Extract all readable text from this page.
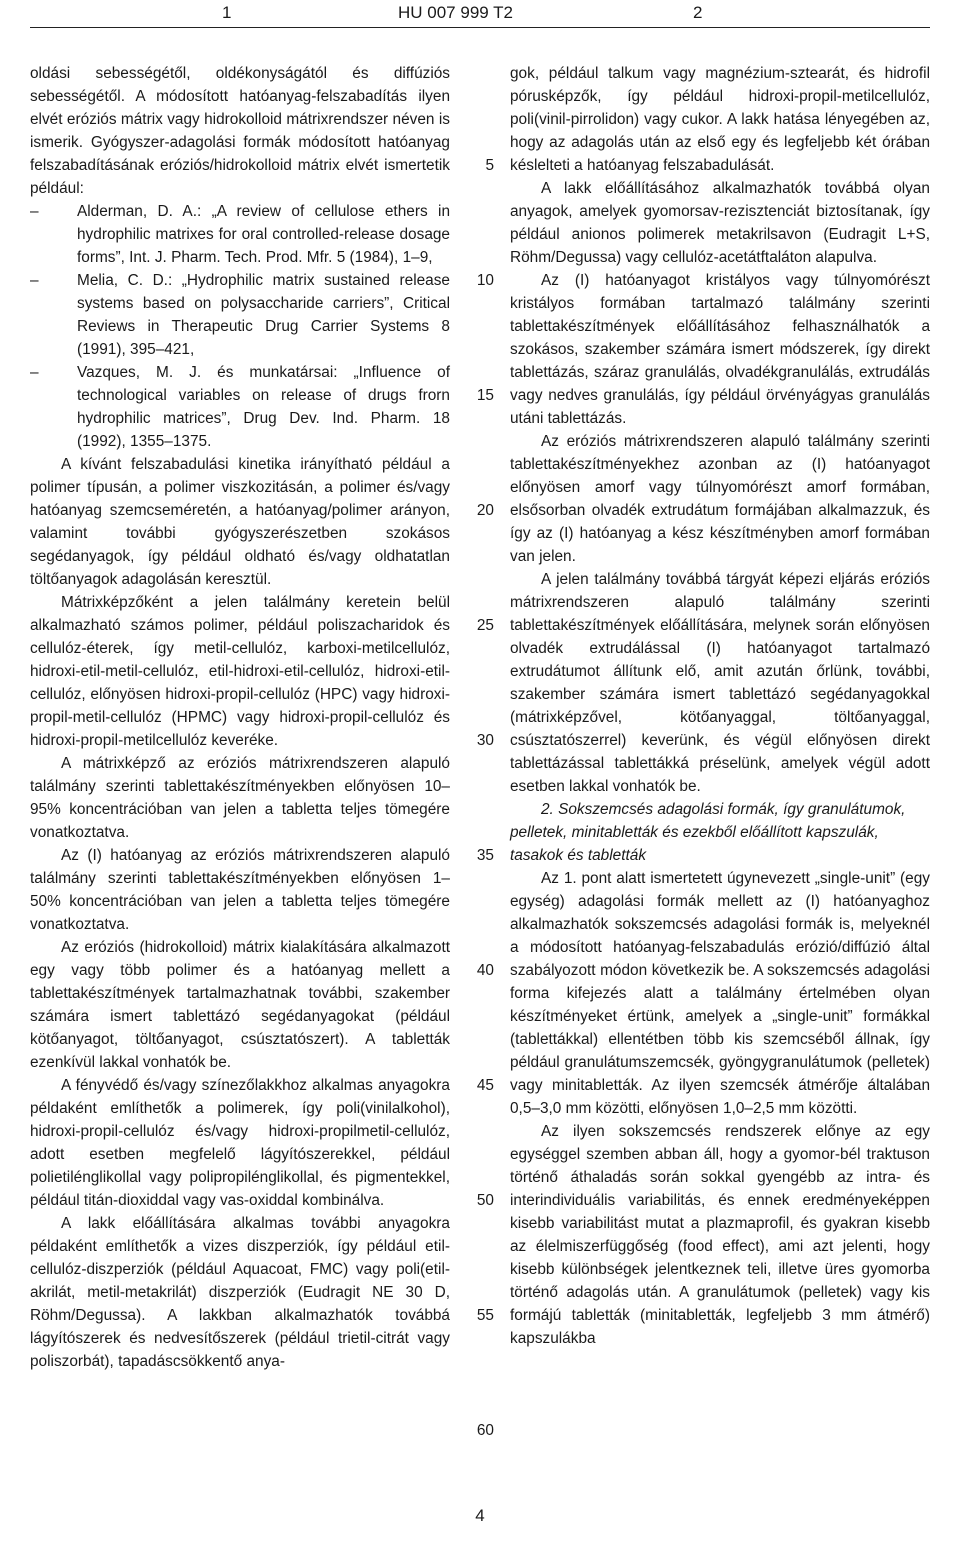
1	HU 007 999 T2	2

oldási sebességétől, oldékonyságától és diffúziós sebességétől. A módosított hatóanyag-felszabadítás ilyen elvét eróziós mátrix vagy hidrokolloid mátrixrendszer néven is ismerik. Gyógyszer-adagolási formák módosított hatóanyag felszabadításának eróziós/hidrokolloid mátrix elvét ismertetik például:

– Alderman, D. A.: „A review of cellulose ethers in hydrophilic matrixes for oral controlled-release dosage forms”, Int. J. Pharm. Tech. Prod. Mfr. 5 (1984), 1–9,
– Melia, C. D.: „Hydrophilic matrix sustained release systems based on polysaccharide carriers”, Critical Reviews in Therapeutic Drug Carrier Systems 8 (1991), 395–421,
– Vazques, M. J. és munkatársai: „Influence of technological variables on release of drugs frorn hydrophilic matrices”, Drug Dev. Ind. Pharm. 18 (1992), 1355–1375.

A kívánt felszabadulási kinetika irányítható például a polimer típusán, a polimer viszkozitásán, a polimer és/vagy hatóanyag szemcseméretén, a hatóanyag/polimer arányon, valamint további gyógyszerészetben szokásos segédanyagok, így például oldható és/vagy oldhatatlan töltőanyagok adagolásán keresztül.

Mátrixképzőként a jelen találmány keretein belül alkalmazható számos polimer, például poliszacharidok és cellulóz-éterek, így metil-cellulóz, karboxi-metilcellulóz, hidroxi-etil-metil-cellulóz, etil-hidroxi-etil-cellulóz, hidroxi-etil-cellulóz, előnyösen hidroxi-propil-cellulóz (HPC) vagy hidroxi-propil-metil-cellulóz (HPMC) vagy hidroxi-propil-cellulóz és hidroxi-propil-metilcellulóz keveréke.

A mátrixképző az eróziós mátrixrendszeren alapuló találmány szerinti tablettakészítményekben előnyösen 10–95% koncentrációban van jelen a tabletta teljes tömegére vonatkoztatva.

Az (I) hatóanyag az eróziós mátrixrendszeren alapuló találmány szerinti tablettakészítményekben előnyösen 1–50% koncentrációban van jelen a tabletta teljes tömegére vonatkoztatva.

Az eróziós (hidrokolloid) mátrix kialakítására alkalmazott egy vagy több polimer és a hatóanyag mellett a tablettakészítmények tartalmazhatnak további, szakember számára ismert tablettázó segédanyagokat (például kötőanyagot, töltőanyagot, csúsztatószert). A tabletták ezenkívül lakkal vonhatók be.

A fényvédő és/vagy színezőlakkhoz alkalmas anyagokra példaként említhetők a polimerek, így poli(vinilalkohol), hidroxi-propil-cellulóz és/vagy hidroxi-propilmetil-cellulóz, adott esetben megfelelő lágyítószerekkel, például polietilénglikollal vagy polipropilénglikollal, és pigmentekkel, például titán-dioxiddal vagy vas-oxiddal kombinálva.

A lakk előállítására alkalmas további anyagokra példaként említhetők a vizes diszperziók, így például etil-cellulóz-diszperziók (például Aquacoat, FMC) vagy poli(etil-akrilát, metil-metakrilát) diszperziók (Eudragit NE 30 D, Röhm/Degussa). A lakkban alkalmazhatók továbbá lágyítószerek és nedvesítőszerek (például trietil-citrát vagy poliszorbát), tapadáscsökkentő anya-

5
10
15
20
25
30
35
40
45
50
55
60

gok, például talkum vagy magnézium-sztearát, és hidrofil pórusképzők, így például hidroxi-propil-metilcellulóz, poli(vinil-pirrolidon) vagy cukor. A lakk hatása lényegében az, hogy az adagolás után az első egy és legfeljebb két órában késlelteti a hatóanyag felszabadulását.

A lakk előállításához alkalmazhatók továbbá olyan anyagok, amelyek gyomorsav-rezisztenciát biztosítanak, így például anionos polimerek metakrilsavon (Eudragit L+S, Röhm/Degussa) vagy cellulóz-acetátftaláton alapulva.

Az (I) hatóanyagot kristályos vagy túlnyomórészt kristályos formában tartalmazó találmány szerinti tablettakészítmények előállításához felhasználhatók a szokásos, szakember számára ismert módszerek, így direkt tablettázás, száraz granulálás, olvadékgranulálás, extrudálás vagy nedves granulálás, így például örvényágyas granulálás utáni tablettázás.

Az eróziós mátrixrendszeren alapuló találmány szerinti tablettakészítményekhez azonban az (I) hatóanyagot előnyösen amorf vagy túlnyomórészt amorf formában, elsősorban olvadék extrudátum formájában alkalmazzuk, és így az (I) hatóanyag a kész készítményben amorf formában van jelen.

A jelen találmány továbbá tárgyát képezi eljárás eróziós mátrixrendszeren alapuló találmány szerinti tablettakészítmények előállítására, melynek során előnyösen olvadék extrudálással (I) hatóanyagot tartalmazó extrudátumot állítunk elő, amit azután őrlünk, további, szakember számára ismert tablettázó segédanyagokkal (mátrixképzővel, kötőanyaggal, töltőanyaggal, csúsztatószerrel) keverünk, és végül előnyösen direkt tablettázással tablettákká préselünk, amelyek végül adott esetben lakkal vonhatók be.

2. Sokszemcsés adagolási formák, így granulátumok, pelletek, minitabletták és ezekből előállított kapszulák, tasakok és tabletták

Az 1. pont alatt ismertetett úgynevezett „single-unit” (egy egység) adagolási formák mellett az (I) hatóanyaghoz alkalmazhatók sokszemcsés adagolási formák is, melyeknél a módosított hatóanyag-felszabadulás erózió/diffúzió által szabályozott módon következik be. A sokszemcsés adagolási forma kifejezés alatt a találmány értelmében olyan készítményeket értünk, amelyek a „single-unit” formákkal (tablettákkal) ellentétben több kis szemcséből állnak, így például granulátumszemcsék, gyöngygranulátumok (pelletek) vagy minitabletták. Az ilyen szemcsék átmérője általában 0,5–3,0 mm közötti, előnyösen 1,0–2,5 mm közötti.

Az ilyen sokszemcsés rendszerek előnye az egy egységgel szemben abban áll, hogy a gyomor-bél traktuson történő áthaladás során sokkal gyengébb az intra- és interindividuális variabilitás, és ennek eredményeképpen kisebb variabilitást mutat a plazmaprofil, és gyakran kisebb az élelmiszerfüggőség (food effect), ami azt jelenti, hogy kisebb különbségek jelentkeznek teli, illetve üres gyomorba történő adagolás után. A granulátumok (pelletek) vagy kis formájú tabletták (minitabletták, legfeljebb 3 mm átmérő) kapszulákba

4
